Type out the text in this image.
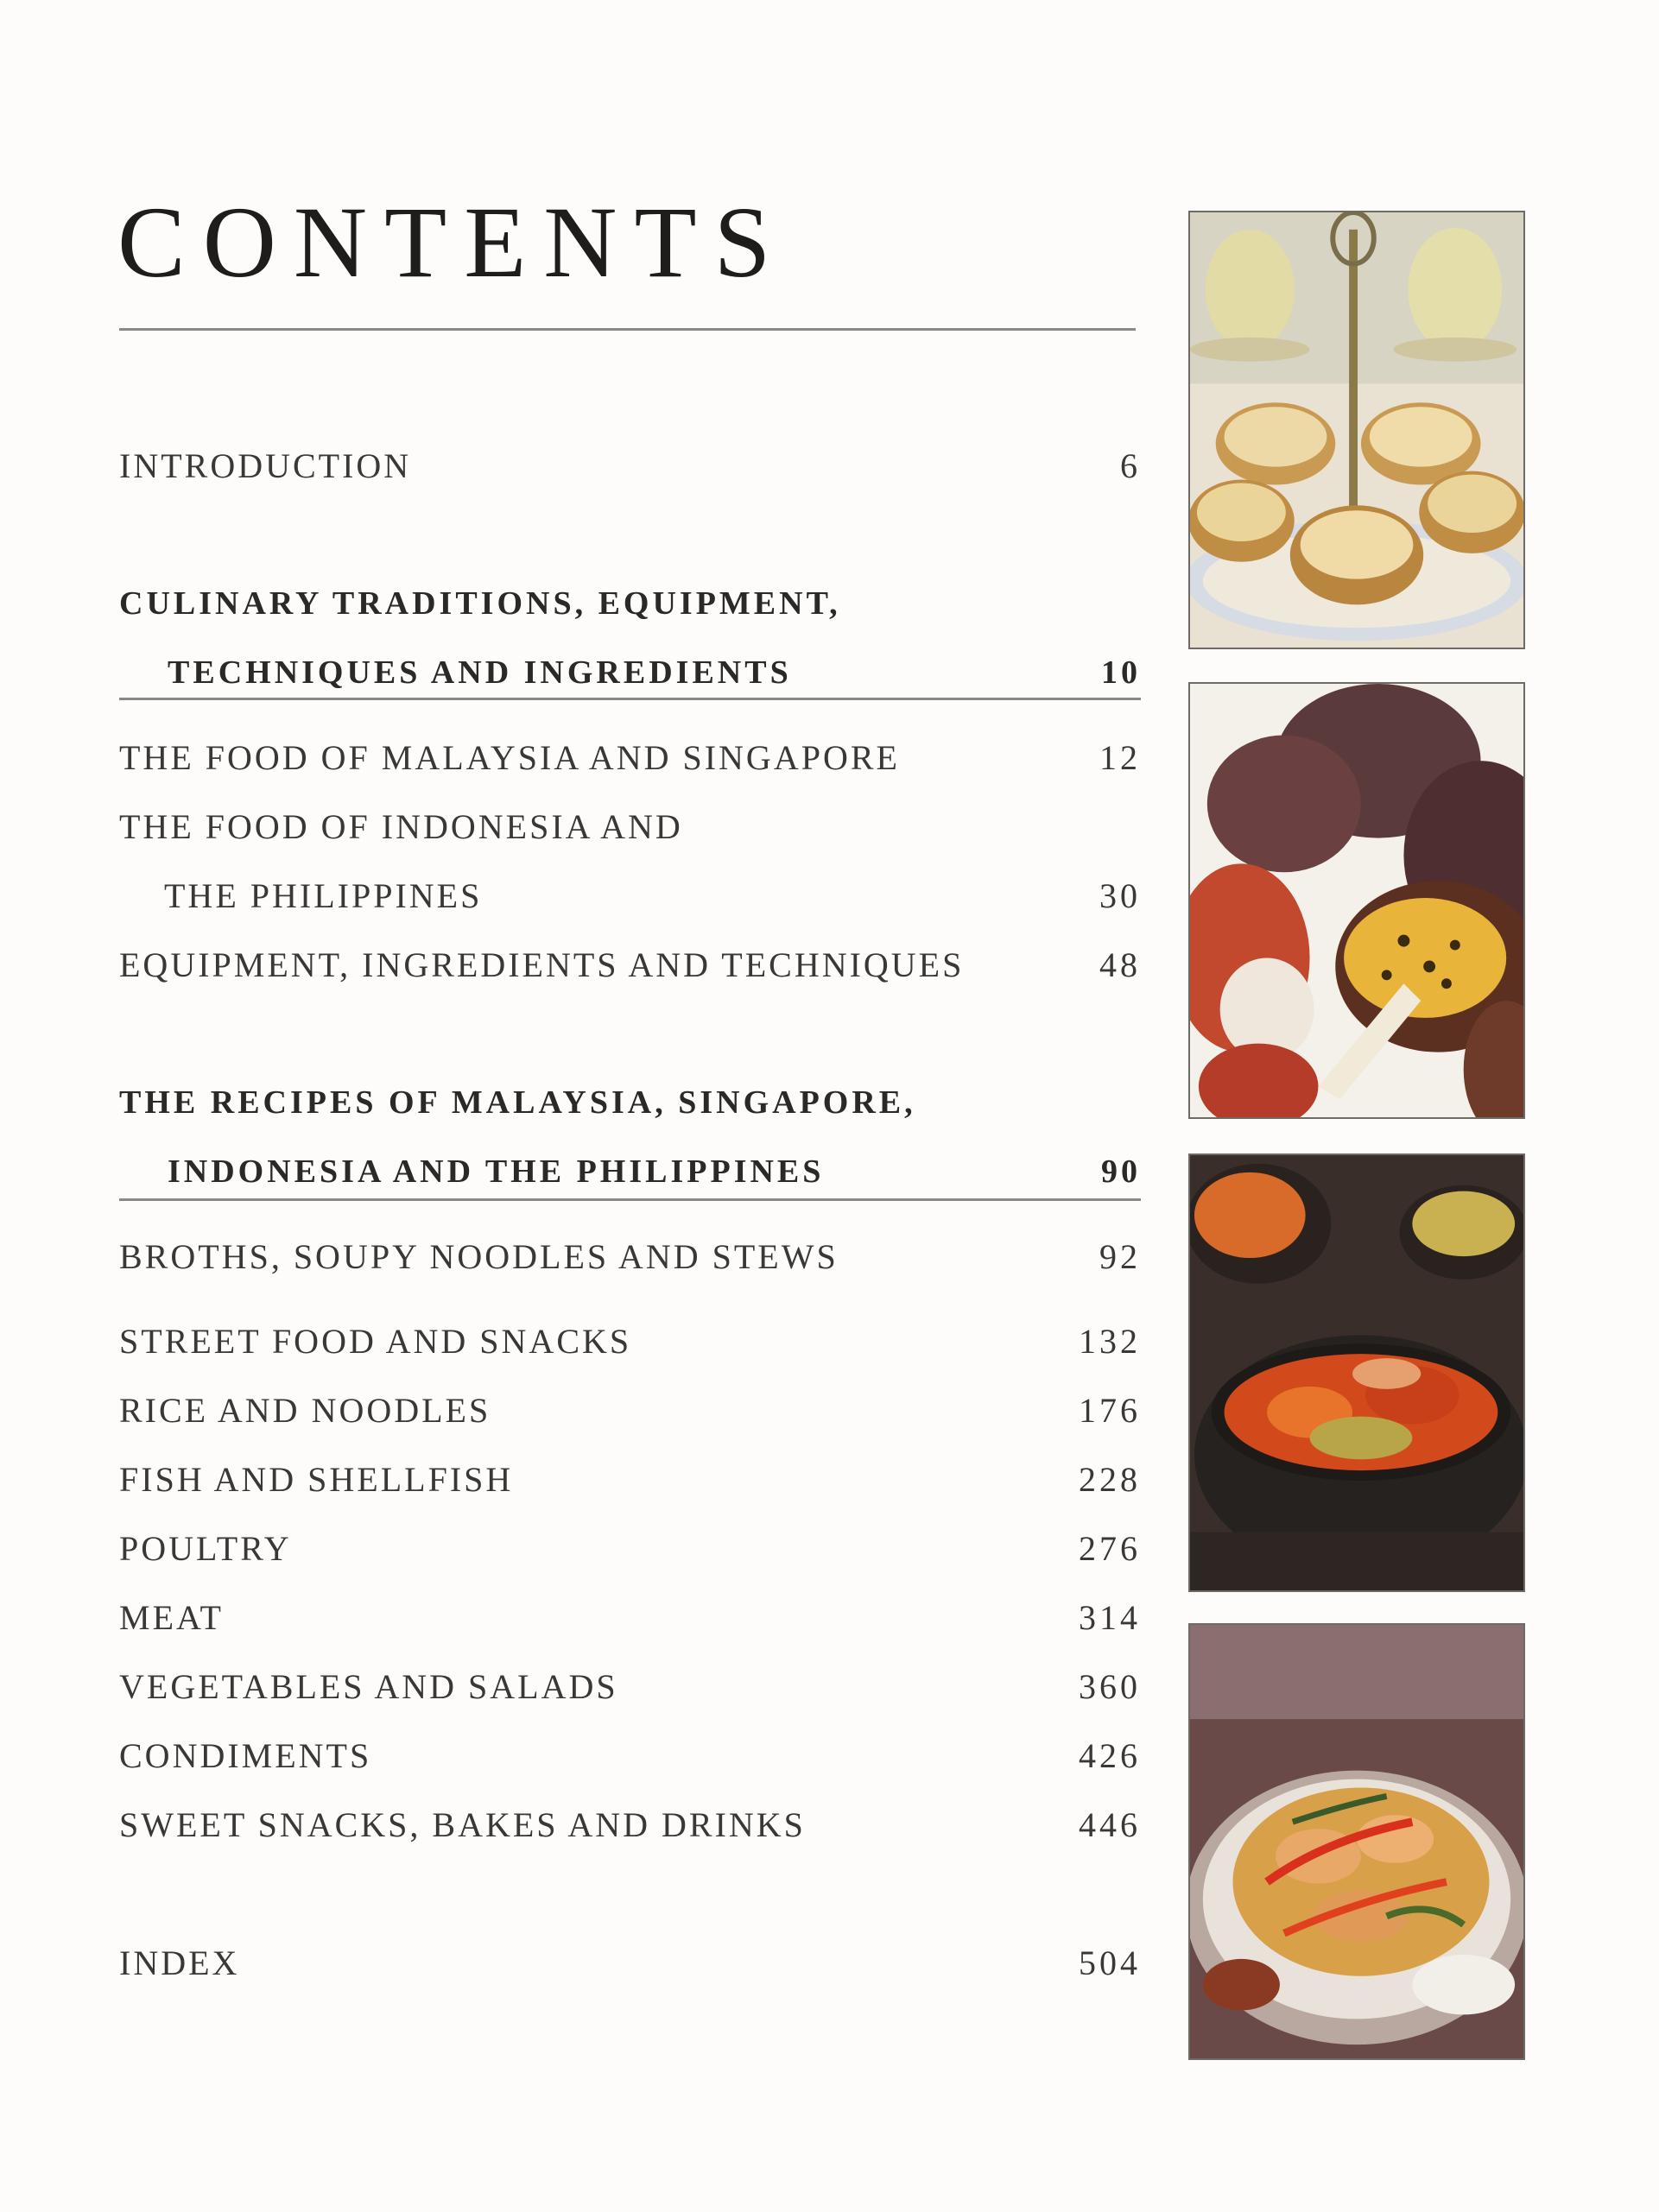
CONTENTS
INTRODUCTION	6
CULINARY TRADITIONS, EQUIPMENT,
TECHNIQUES AND INGREDIENTS	10
THE FOOD OF MALAYSIA AND SINGAPORE	12
THE FOOD OF INDONESIA AND
THE PHILIPPINES	30
EQUIPMENT, INGREDIENTS AND TECHNIQUES	48
THE RECIPES OF MALAYSIA, SINGAPORE,
INDONESIA AND THE PHILIPPINES	90
BROTHS, SOUPY NOODLES AND STEWS	92
STREET FOOD AND SNACKS	132
RICE AND NOODLES	176
FISH AND SHELLFISH	228
POULTRY	276
MEAT	314
VEGETABLES AND SALADS	360
CONDIMENTS	426
SWEET SNACKS, BAKES AND DRINKS	446
INDEX	504
